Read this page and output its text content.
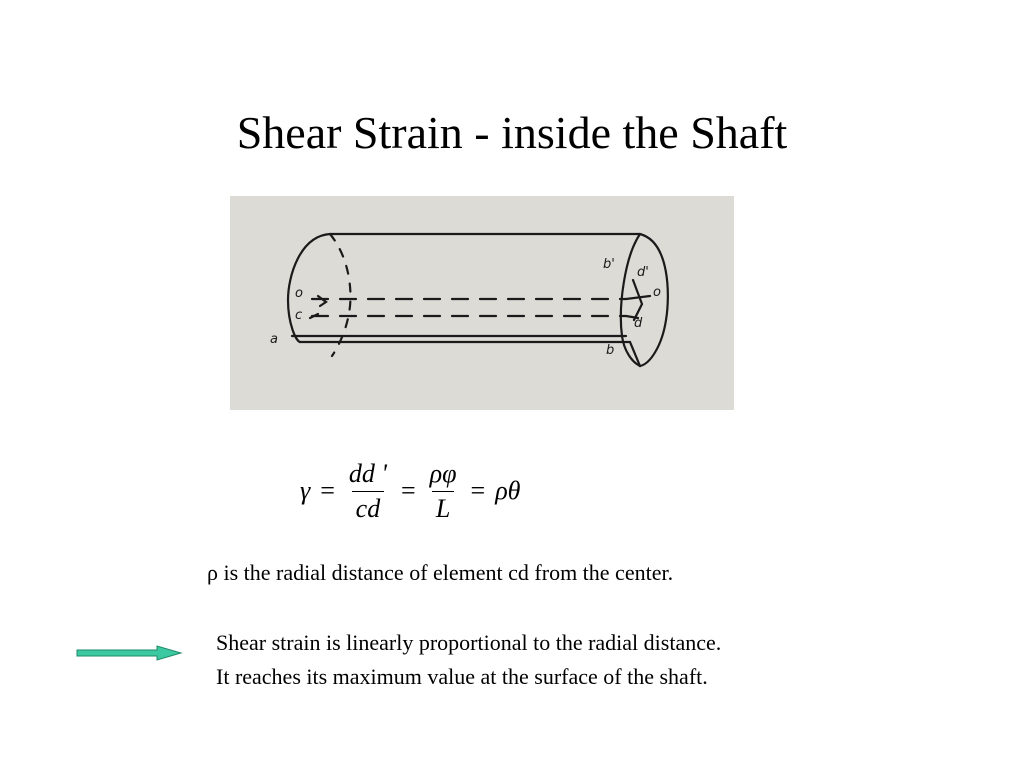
Shear Strain - inside the Shaft
o
c
a
b'
d'
o
d
b
$\gamma = \frac{dd '}{cd} = \frac{\rho\varphi}{L} = \rho\theta$
ρ is the radial distance of element cd from the center.
Shear strain is linearly proportional to the radial distance.
It reaches its maximum value at the surface of the shaft.
